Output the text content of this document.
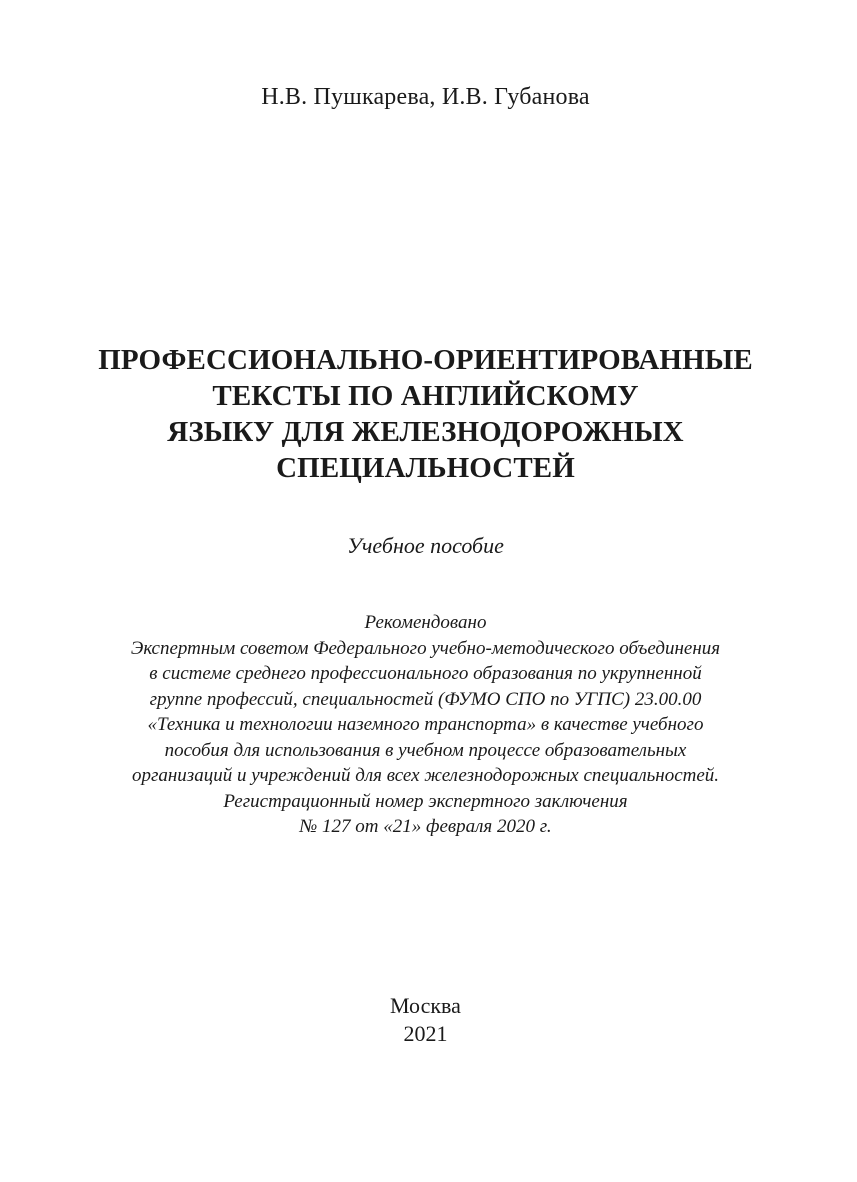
Н.В. Пушкарева, И.В. Губанова
ПРОФЕССИОНАЛЬНО-ОРИЕНТИРОВАННЫЕ
ТЕКСТЫ ПО АНГЛИЙСКОМУ
ЯЗЫКУ ДЛЯ ЖЕЛЕЗНОДОРОЖНЫХ
СПЕЦИАЛЬНОСТЕЙ
Учебное пособие
Рекомендовано
Экспертным советом Федерального учебно-методического объединения
в системе среднего профессионального образования по укрупненной
группе профессий, специальностей (ФУМО СПО по УГПС) 23.00.00
«Техника и технологии наземного транспорта» в качестве учебного
пособия для использования в учебном процессе образовательных
организаций и учреждений для всех железнодорожных специальностей.
Регистрационный номер экспертного заключения
№ 127 от «21» февраля 2020 г.
Москва
2021
